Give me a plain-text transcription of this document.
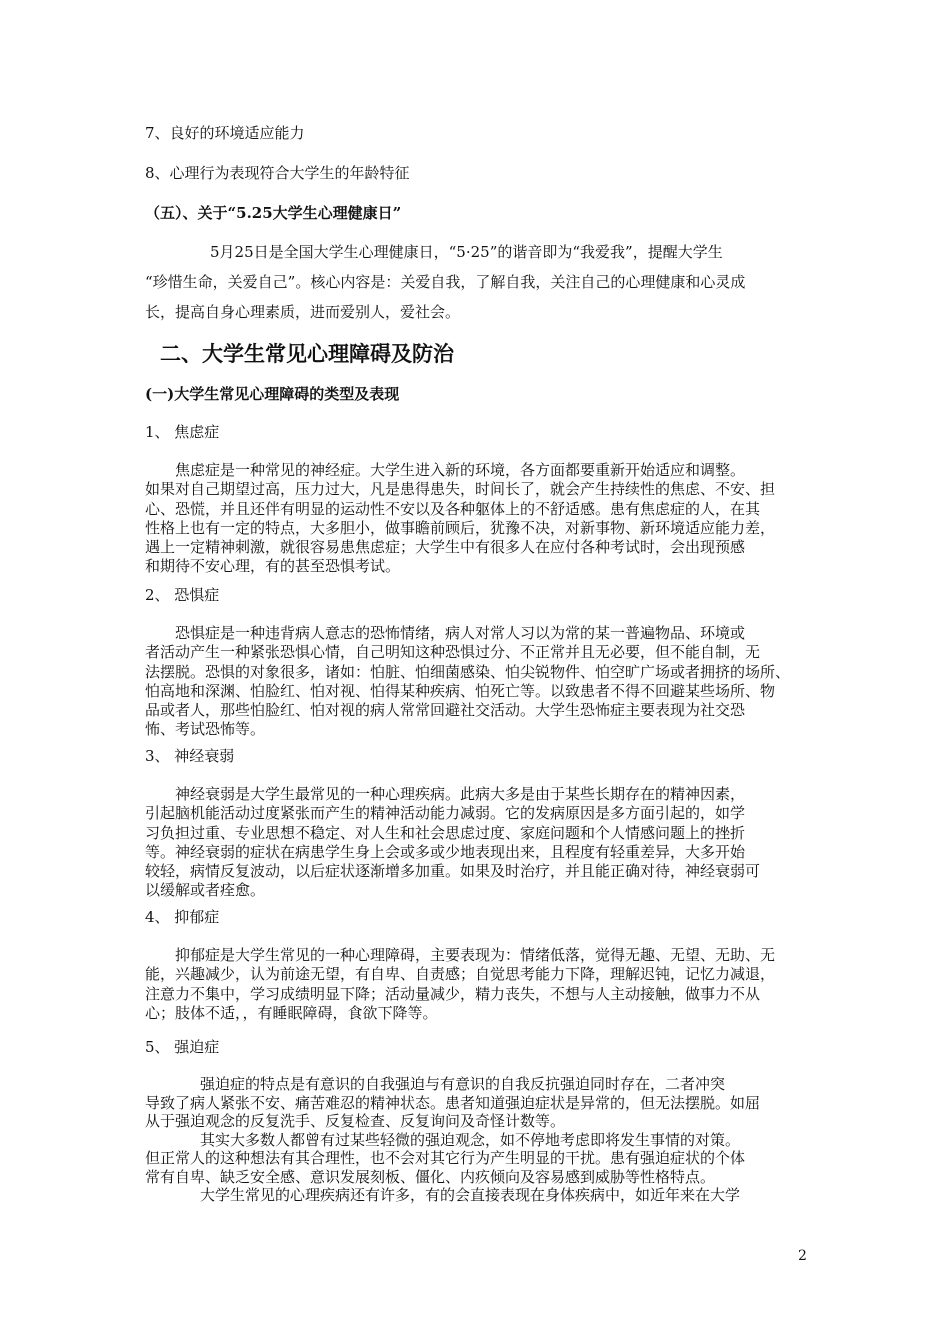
7、良好的环境适应能力

8、心理行为表现符合大学生的年龄特征

（五）、关于“5.25大学生心理健康日”

5月25日是全国大学生心理健康日，“5·25”的谐音即为“我爱我”，提醒大学生

“珍惜生命，关爱自己”。核心内容是：关爱自我，了解自我，关注自己的心理健康和心灵成

长，提高自身心理素质，进而爱别人，爱社会。

二、大学生常见心理障碍及防治

(一)大学生常见心理障碍的类型及表现

1、 焦虑症

焦虑症是一种常见的神经症。大学生进入新的环境，各方面都要重新开始适应和调整。

如果对自己期望过高，压力过大，凡是患得患失，时间长了，就会产生持续性的焦虑、不安、担

心、恐慌，并且还伴有明显的运动性不安以及各种躯体上的不舒适感。患有焦虑症的人，在其

性格上也有一定的特点，大多胆小，做事瞻前顾后，犹豫不决，对新事物、新环境适应能力差，

遇上一定精神刺激，就很容易患焦虑症；大学生中有很多人在应付各种考试时，会出现预感

和期待不安心理，有的甚至恐惧考试。

2、 恐惧症

恐惧症是一种违背病人意志的恐怖情绪，病人对常人习以为常的某一普遍物品、环境或

者活动产生一种紧张恐惧心情，自己明知这种恐惧过分、不正常并且无必要，但不能自制，无

法摆脱。恐惧的对象很多，诸如：怕脏、怕细菌感染、怕尖锐物件、怕空旷广场或者拥挤的场所、

怕高地和深渊、怕脸红、怕对视、怕得某种疾病、怕死亡等。以致患者不得不回避某些场所、物

品或者人，那些怕脸红、怕对视的病人常常回避社交活动。大学生恐怖症主要表现为社交恐

怖、考试恐怖等。

3、 神经衰弱

神经衰弱是大学生最常见的一种心理疾病。此病大多是由于某些长期存在的精神因素，

引起脑机能活动过度紧张而产生的精神活动能力减弱。它的发病原因是多方面引起的，如学

习负担过重、专业思想不稳定、对人生和社会思虑过度、家庭问题和个人情感问题上的挫折

等。神经衰弱的症状在病患学生身上会或多或少地表现出来，且程度有轻重差异，大多开始

较轻，病情反复波动，以后症状逐渐增多加重。如果及时治疗，并且能正确对待，神经衰弱可

以缓解或者痊愈。

4、 抑郁症

抑郁症是大学生常见的一种心理障碍，主要表现为：情绪低落，觉得无趣、无望、无助、无

能，兴趣减少，认为前途无望，有自卑、自责感；自觉思考能力下降，理解迟钝，记忆力减退，

注意力不集中，学习成绩明显下降；活动量减少，精力丧失，不想与人主动接触，做事力不从

心；肢体不适，，有睡眠障碍，食欲下降等。

5、 强迫症

强迫症的特点是有意识的自我强迫与有意识的自我反抗强迫同时存在，二者冲突

导致了病人紧张不安、痛苦难忍的精神状态。患者知道强迫症状是异常的，但无法摆脱。如屈

从于强迫观念的反复洗手、反复检查、反复询问及奇怪计数等。

其实大多数人都曾有过某些轻微的强迫观念，如不停地考虑即将发生事情的对策。

但正常人的这种想法有其合理性，也不会对其它行为产生明显的干扰。患有强迫症状的个体

常有自卑、缺乏安全感、意识发展刻板、僵化、内疚倾向及容易感到威胁等性格特点。

大学生常见的心理疾病还有许多，有的会直接表现在身体疾病中，如近年来在大学

2
